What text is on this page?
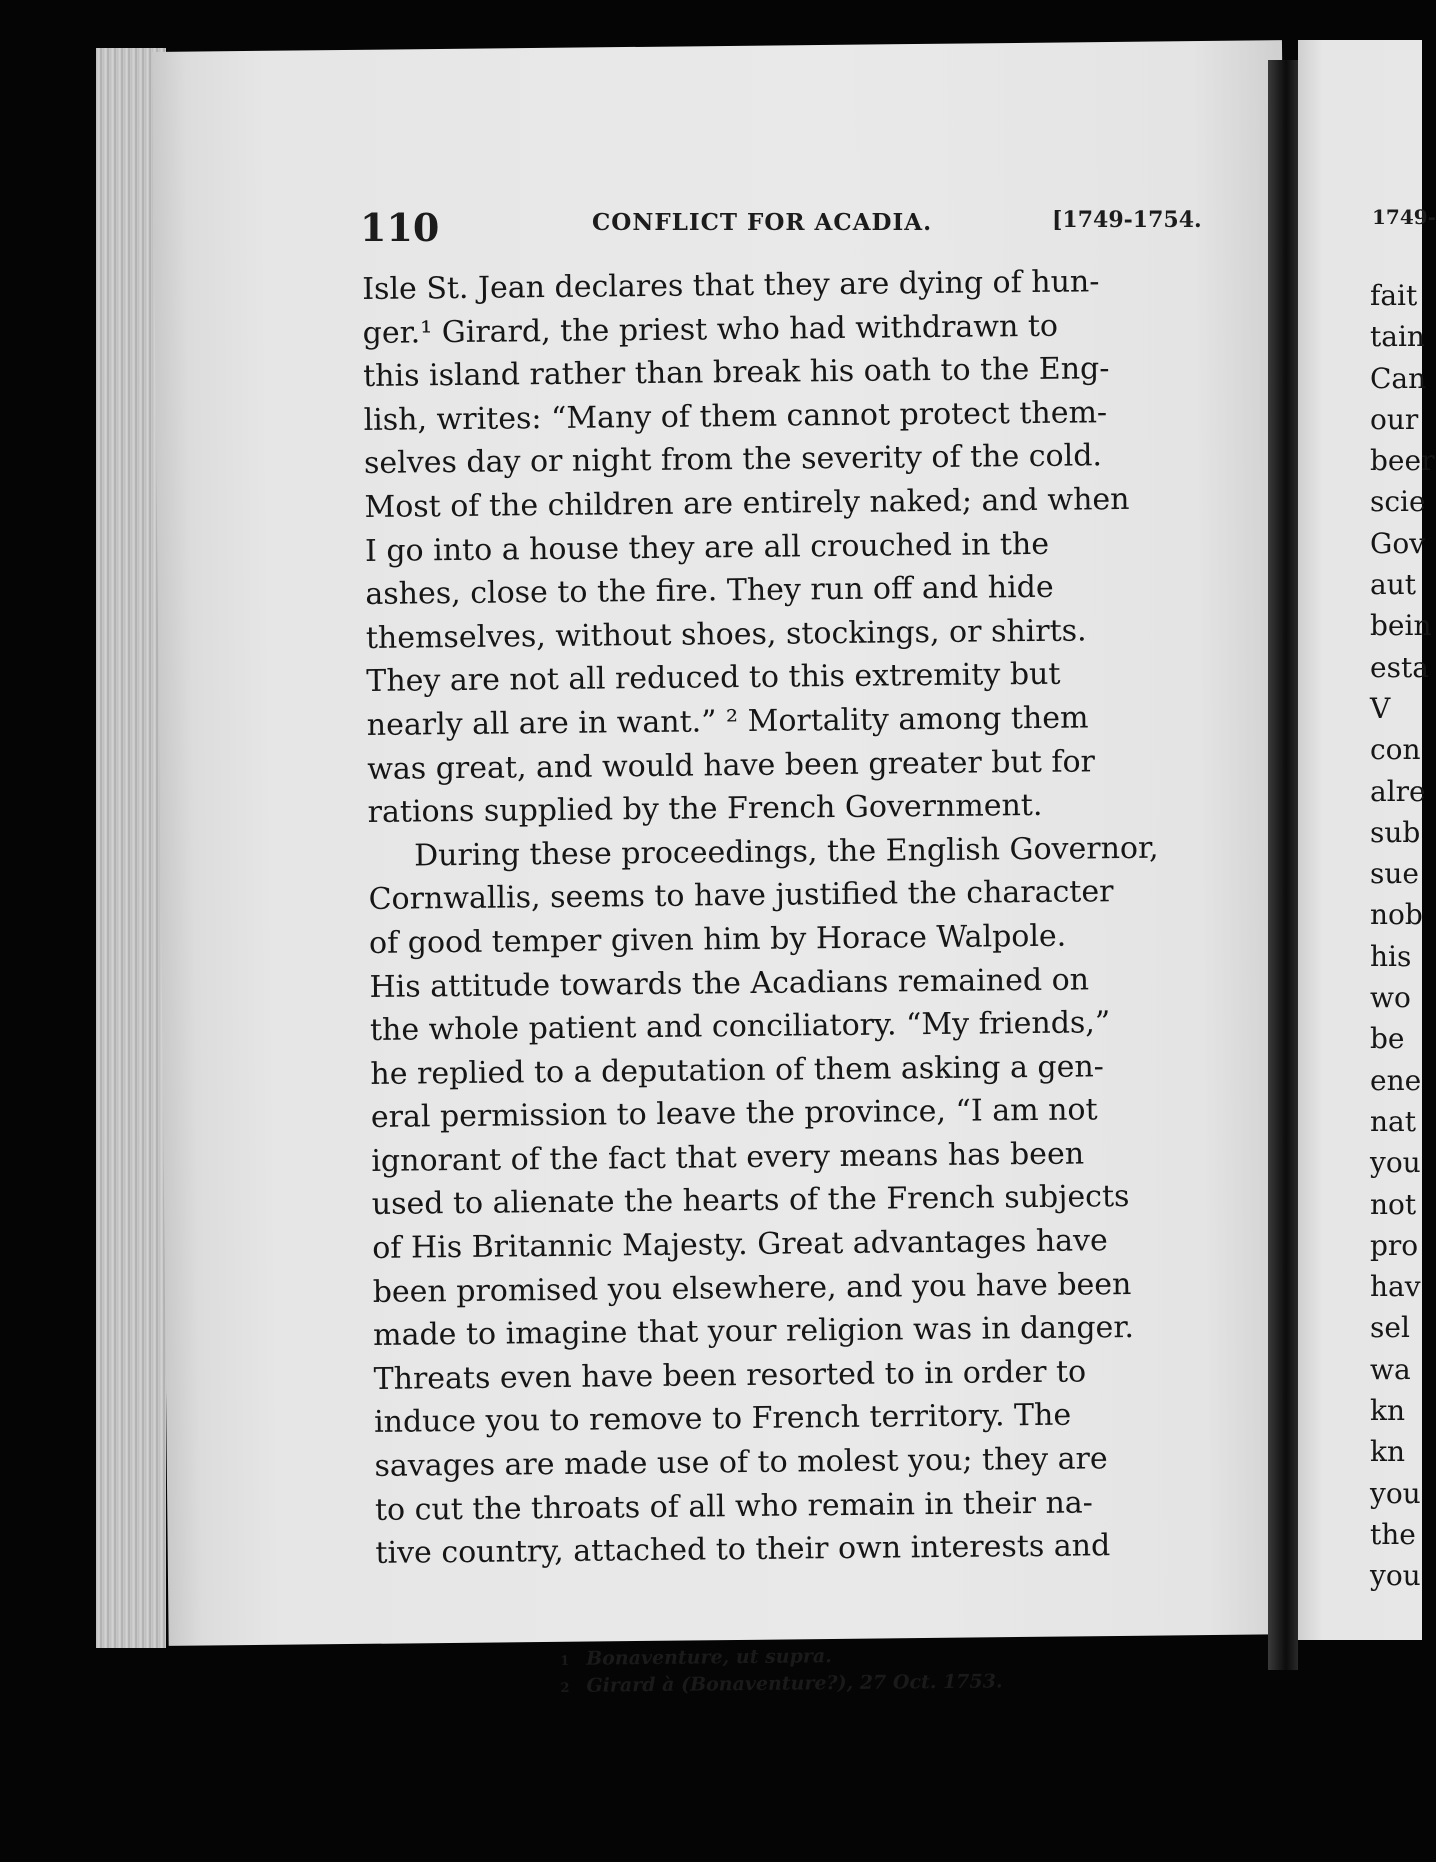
110	CONFLICT FOR ACADIA.	[1749-1754.
Isle St. Jean declares that they are dying of hun-
ger.¹ Girard, the priest who had withdrawn to
this island rather than break his oath to the Eng-
lish, writes: “Many of them cannot protect them-
selves day or night from the severity of the cold.
Most of the children are entirely naked; and when
I go into a house they are all crouched in the
ashes, close to the fire. They run off and hide
themselves, without shoes, stockings, or shirts.
They are not all reduced to this extremity but
nearly all are in want.” ² Mortality among them
was great, and would have been greater but for
rations supplied by the French Government.
During these proceedings, the English Governor,
Cornwallis, seems to have justified the character
of good temper given him by Horace Walpole.
His attitude towards the Acadians remained on
the whole patient and conciliatory. “My friends,”
he replied to a deputation of them asking a gen-
eral permission to leave the province, “I am not
ignorant of the fact that every means has been
used to alienate the hearts of the French subjects
of His Britannic Majesty. Great advantages have
been promised you elsewhere, and you have been
made to imagine that your religion was in danger.
Threats even have been resorted to in order to
induce you to remove to French territory. The
savages are made use of to molest you; they are
to cut the throats of all who remain in their na-
tive country, attached to their own interests and
1 Bonaventure, ut supra.
2 Girard à (Bonaventure?), 27 Oct. 1753.
1749-
fait
tain
Can
our
beer
scie
Gov
aut
bein
esta
V
con
alre
sub
sue
nob
his
wo
be
ene
nat
you
not
pro
hav
sel
wa
kn
kn
you
the
you
